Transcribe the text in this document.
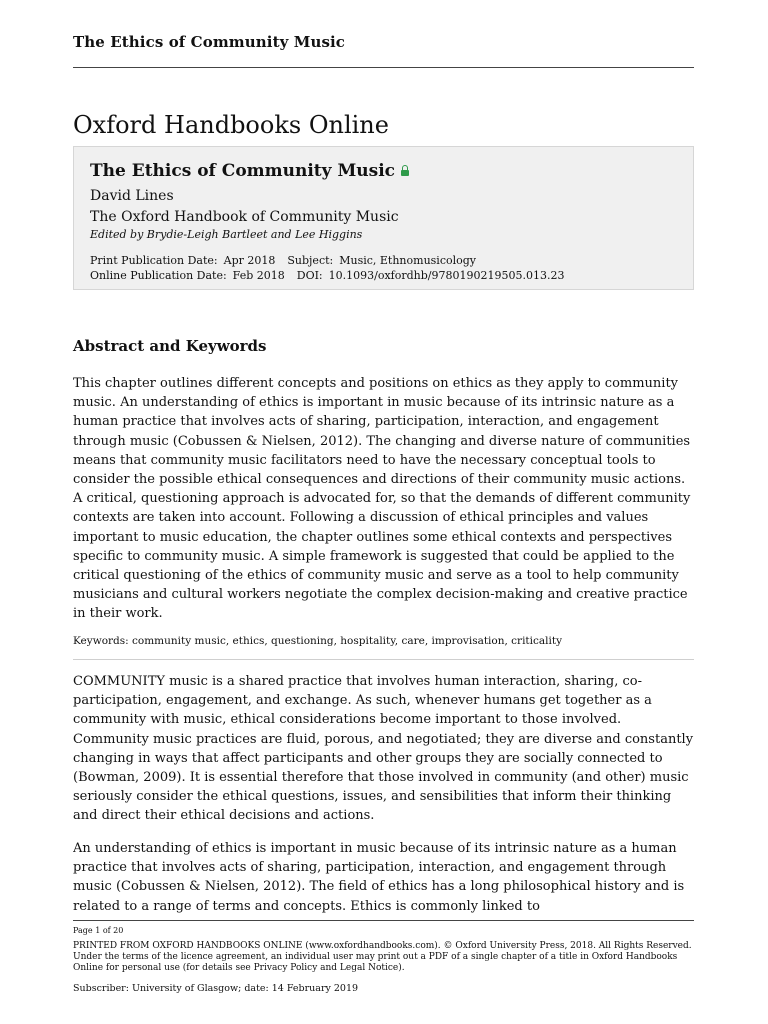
The Ethics of Community Music
Oxford Handbooks Online
The Ethics of Community Music
David Lines
The Oxford Handbook of Community Music
Edited by Brydie-Leigh Bartleet and Lee Higgins
Print Publication Date: Apr 2018 Subject: Music, Ethnomusicology
Online Publication Date: Feb 2018 DOI: 10.1093/oxfordhb/9780190219505.013.23
Abstract and Keywords

This chapter outlines different concepts and positions on ethics as they apply to community music. An understanding of ethics is important in music because of its intrinsic nature as a human practice that involves acts of sharing, participation, interaction, and engagement through music (Cobussen & Nielsen, 2012). The changing and diverse nature of communities means that community music facilitators need to have the necessary conceptual tools to consider the possible ethical consequences and directions of their community music actions. A critical, questioning approach is advocated for, so that the demands of different community contexts are taken into account. Following a discussion of ethical principles and values important to music education, the chapter outlines some ethical contexts and perspectives specific to community music. A simple framework is suggested that could be applied to the critical questioning of the ethics of community music and serve as a tool to help community musicians and cultural workers negotiate the complex decision-making and creative practice in their work.

Keywords: community music, ethics, questioning, hospitality, care, improvisation, criticality

COMMUNITY music is a shared practice that involves human interaction, sharing, co-participation, engagement, and exchange. As such, whenever humans get together as a community with music, ethical considerations become important to those involved. Community music practices are fluid, porous, and negotiated; they are diverse and constantly changing in ways that affect participants and other groups they are socially connected to (Bowman, 2009). It is essential therefore that those involved in community (and other) music seriously consider the ethical questions, issues, and sensibilities that inform their thinking and direct their ethical decisions and actions.

An understanding of ethics is important in music because of its intrinsic nature as a human practice that involves acts of sharing, participation, interaction, and engagement through music (Cobussen & Nielsen, 2012). The field of ethics has a long philosophical history and is related to a range of terms and concepts. Ethics is commonly linked to

Page 1 of 20
PRINTED FROM OXFORD HANDBOOKS ONLINE (www.oxfordhandbooks.com). © Oxford University Press, 2018. All Rights Reserved. Under the terms of the licence agreement, an individual user may print out a PDF of a single chapter of a title in Oxford Handbooks Online for personal use (for details see Privacy Policy and Legal Notice).
Subscriber: University of Glasgow; date: 14 February 2019
